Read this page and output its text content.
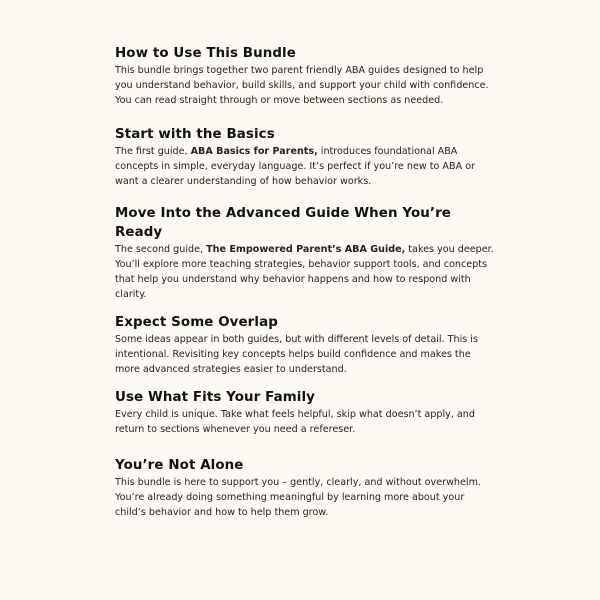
How to Use This Bundle

This bundle brings together two parent friendly ABA guides designed to help you understand behavior, build skills, and support your child with confidence. You can read straight through or move between sections as needed.

Start with the Basics

The first guide, ABA Basics for Parents, introduces foundational ABA concepts in simple, everyday language. It’s perfect if you’re new to ABA or want a clearer understanding of how behavior works.

Move Into the Advanced Guide When You’re Ready

The second guide, The Empowered Parent’s ABA Guide, takes you deeper. You’ll explore more teaching strategies, behavior support tools, and concepts that help you understand why behavior happens and how to respond with clarity.

Expect Some Overlap

Some ideas appear in both guides, but with different levels of detail. This is intentional. Revisiting key concepts helps build confidence and makes the more advanced strategies easier to understand.

Use What Fits Your Family

Every child is unique. Take what feels helpful, skip what doesn’t apply, and return to sections whenever you need a refereser.

You’re Not Alone

This bundle is here to support you – gently, clearly, and without overwhelm. You’re already doing something meaningful by learning more about your child’s behavior and how to help them grow.
